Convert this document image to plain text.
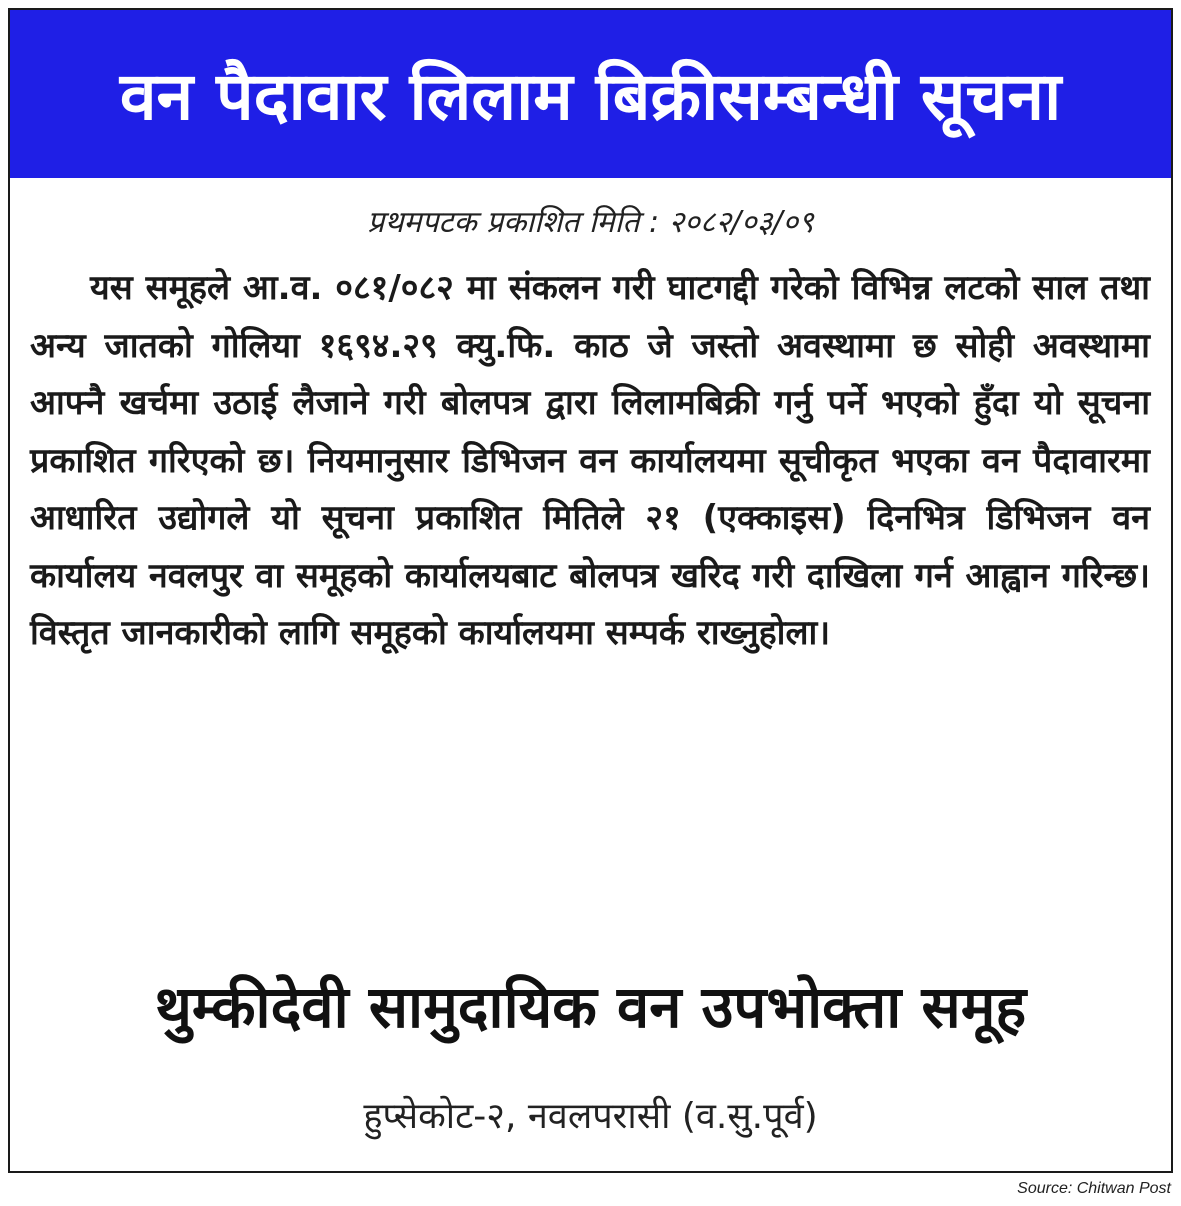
वन पैदावार लिलाम बिक्रीसम्बन्धी सूचना
प्रथमपटक प्रकाशित मिति : २०८२/०३/०९
यस समूहले आ.व. ०८१/०८२ मा संकलन गरी घाटगद्दी गरेको विभिन्न लटको साल तथा अन्य जातको गोलिया १६९४.२९ क्यु.फि. काठ जे जस्तो अवस्थामा छ सोही अवस्थामा आफ्नै खर्चमा उठाई लैजाने गरी बोलपत्र द्वारा लिलामबिक्री गर्नु पर्ने भएको हुँदा यो सूचना प्रकाशित गरिएको छ। नियमानुसार डिभिजन वन कार्यालयमा सूचीकृत भएका वन पैदावारमा आधारित उद्योगले यो सूचना प्रकाशित मितिले २१ (एक्काइस) दिनभित्र डिभिजन वन कार्यालय नवलपुर वा समूहको कार्यालयबाट बोलपत्र खरिद गरी दाखिला गर्न आह्वान गरिन्छ। विस्तृत जानकारीको लागि समूहको कार्यालयमा सम्पर्क राख्नुहोला।
थुम्कीदेवी सामुदायिक वन उपभोक्ता समूह
हुप्सेकोट-२, नवलपरासी (व.सु.पूर्व)
Source: Chitwan Post
